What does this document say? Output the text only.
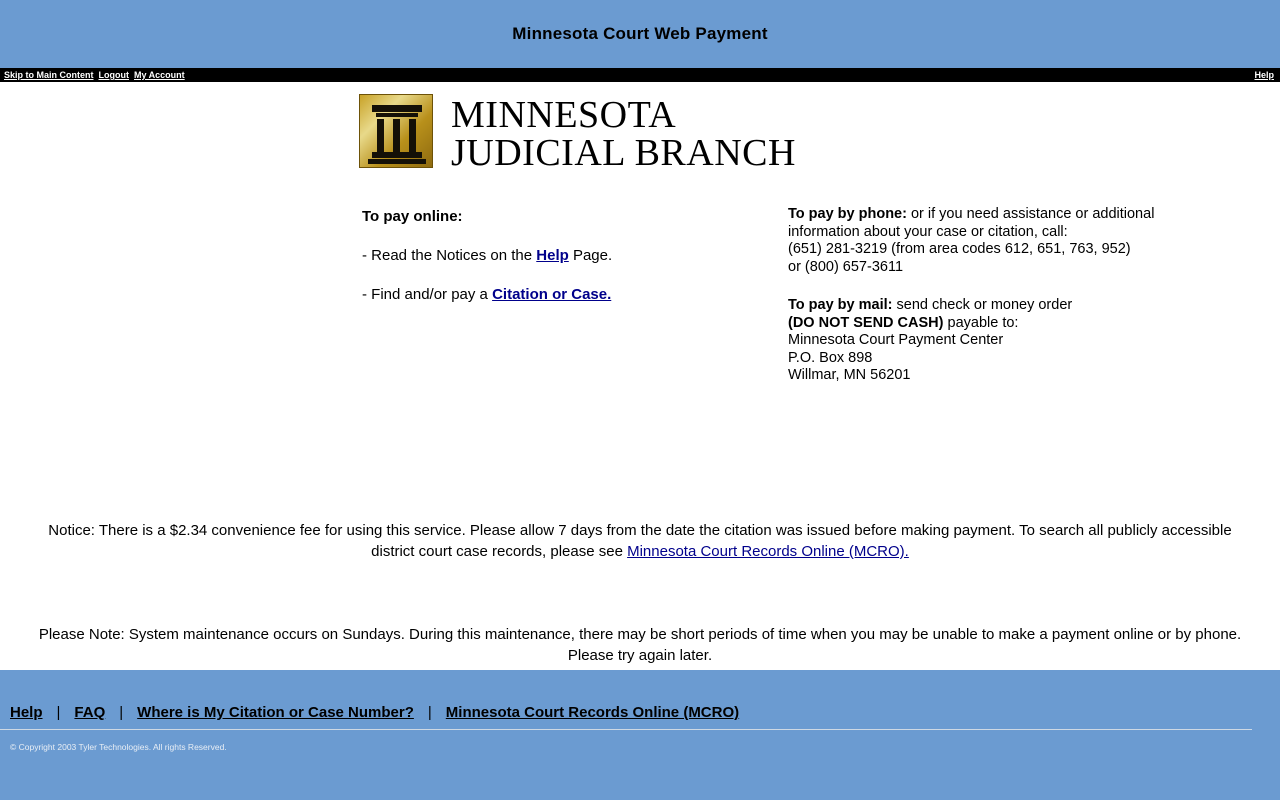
Minnesota Court Web Payment
Skip to Main Content Logout My Account	Help
MINNESOTA
JUDICIAL BRANCH
To pay online:

- Read the Notices on the Help Page.

- Find and/or pay a Citation or Case.

To pay by phone: or if you need assistance or additional information about your case or citation, call:
(651) 281-3219 (from area codes 612, 651, 763, 952)
or (800) 657-3611
To pay by mail: send check or money order
(DO NOT SEND CASH) payable to:
Minnesota Court Payment Center
P.O. Box 898
Willmar, MN 56201
Notice: There is a $2.34 convenience fee for using this service. Please allow 7 days from the date the citation was issued before making payment. To search all publicly accessible district court case records, please see Minnesota Court Records Online (MCRO).
Please Note: System maintenance occurs on Sundays. During this maintenance, there may be short periods of time when you may be unable to make a payment online or by phone. Please try again later.
Help | FAQ | Where is My Citation or Case Number? | Minnesota Court Records Online (MCRO)
© Copyright 2003 Tyler Technologies. All rights Reserved.
